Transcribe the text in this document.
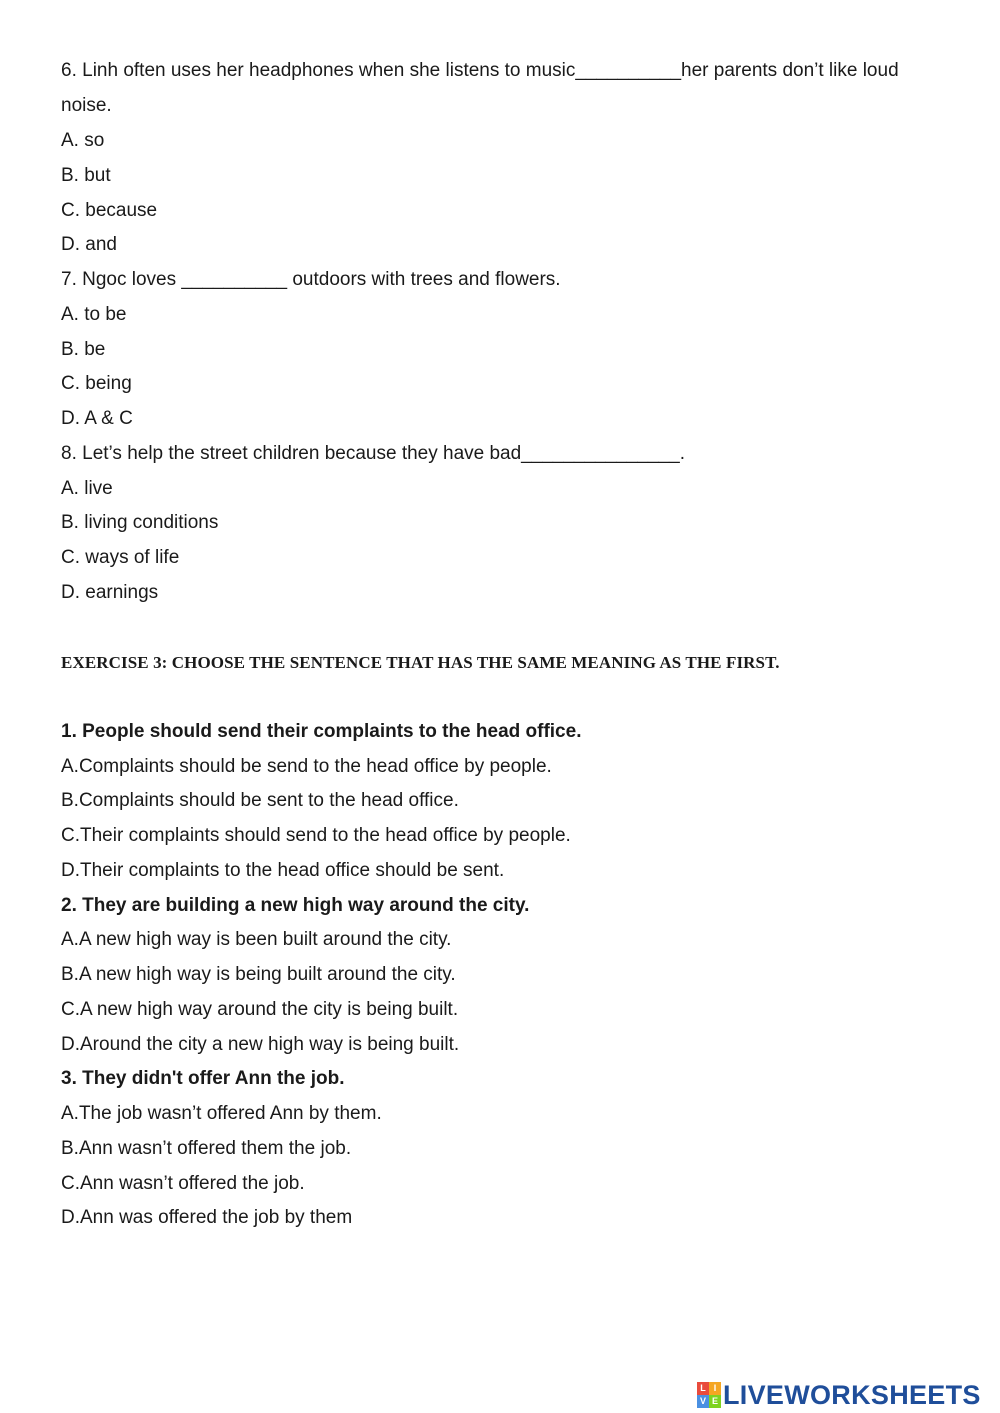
6. Linh often uses her headphones when she listens to music__________her parents don’t like loud
noise.
A. so
B. but
C. because
D. and
7. Ngoc loves __________ outdoors with trees and flowers.
A. to be
B. be
C. being
D. A & C
8. Let’s help the street children because they have bad_______________.
A. live
B. living conditions
C. ways of life
D. earnings
EXERCISE 3: CHOOSE THE SENTENCE THAT HAS THE SAME MEANING AS THE FIRST.
1. People should send their complaints to the head office.
A.Complaints should be send to the head office by people.
B.Complaints should be sent to the head office.
C.Their complaints should send to the head office by people.
D.Their complaints to the head office should be sent.
2. They are building a new high way around the city.
A.A new high way is been built around the city.
B.A new high way is being built around the city.
C.A new high way around the city is being built.
D.Around the city a new high way is being built.
3. They didn't offer Ann the job.
A.The job wasn’t offered Ann by them.
B.Ann wasn’t offered them the job.
C.Ann wasn’t offered the job.
D.Ann was offered the job by them
L I
V E LIVEWORKSHEETS
